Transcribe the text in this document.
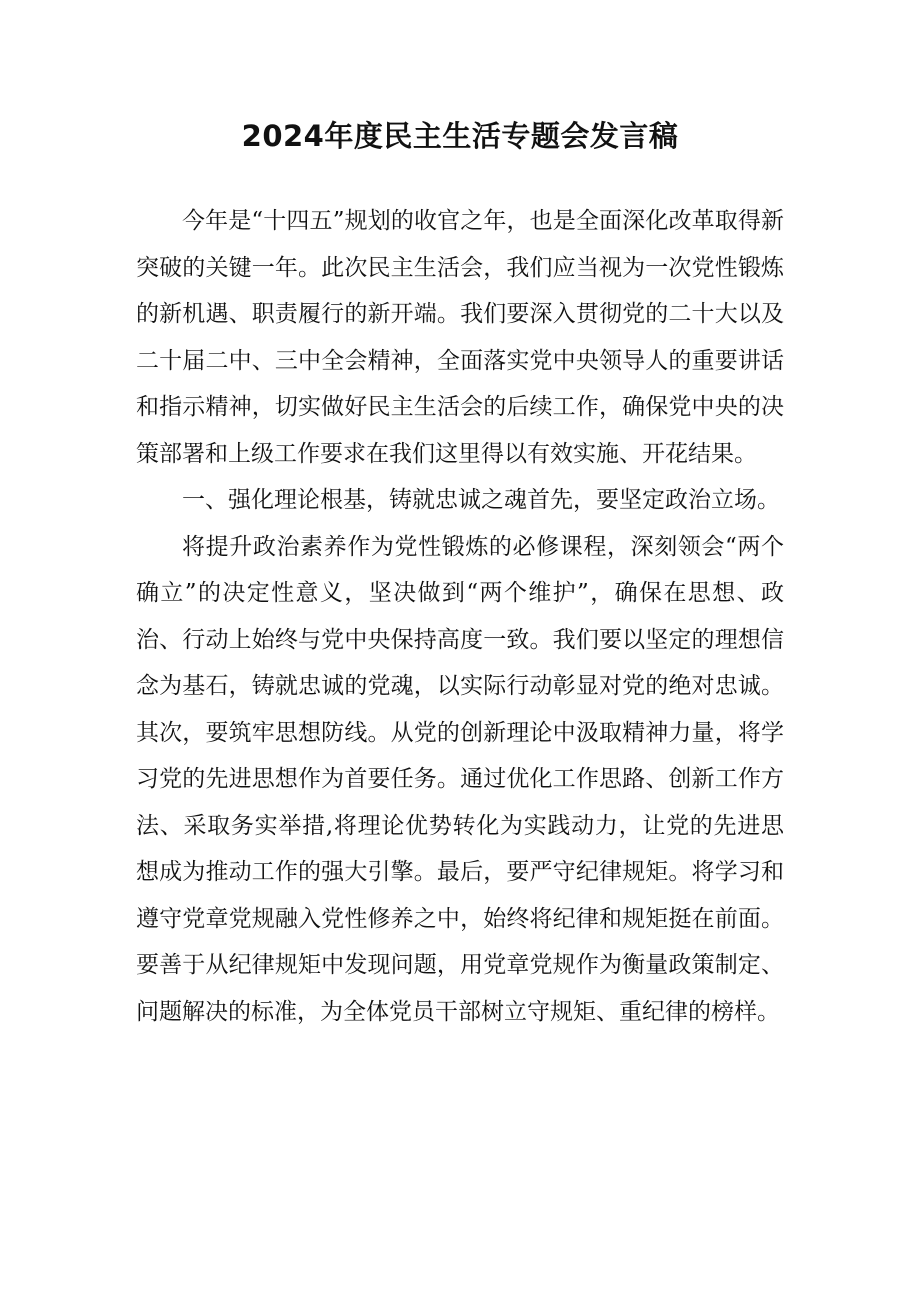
2024年度民主生活专题会发言稿

今年是“十四五”规划的收官之年，也是全面深化改革取得新突破的关键一年。此次民主生活会，我们应当视为一次党性锻炼的新机遇、职责履行的新开端。我们要深入贯彻党的二十大以及二十届二中、三中全会精神，全面落实党中央领导人的重要讲话和指示精神，切实做好民主生活会的后续工作，确保党中央的决策部署和上级工作要求在我们这里得以有效实施、开花结果。

一、强化理论根基，铸就忠诚之魂首先，要坚定政治立场。

将提升政治素养作为党性锻炼的必修课程，深刻领会“两个确立”的决定性意义，坚决做到“两个维护”，确保在思想、政治、行动上始终与党中央保持高度一致。我们要以坚定的理想信念为基石，铸就忠诚的党魂，以实际行动彰显对党的绝对忠诚。其次，要筑牢思想防线。从党的创新理论中汲取精神力量，将学习党的先进思想作为首要任务。通过优化工作思路、创新工作方法、采取务实举措,将理论优势转化为实践动力，让党的先进思想成为推动工作的强大引擎。最后，要严守纪律规矩。将学习和遵守党章党规融入党性修养之中，始终将纪律和规矩挺在前面。要善于从纪律规矩中发现问题，用党章党规作为衡量政策制定、问题解决的标准，为全体党员干部树立守规矩、重纪律的榜样。
